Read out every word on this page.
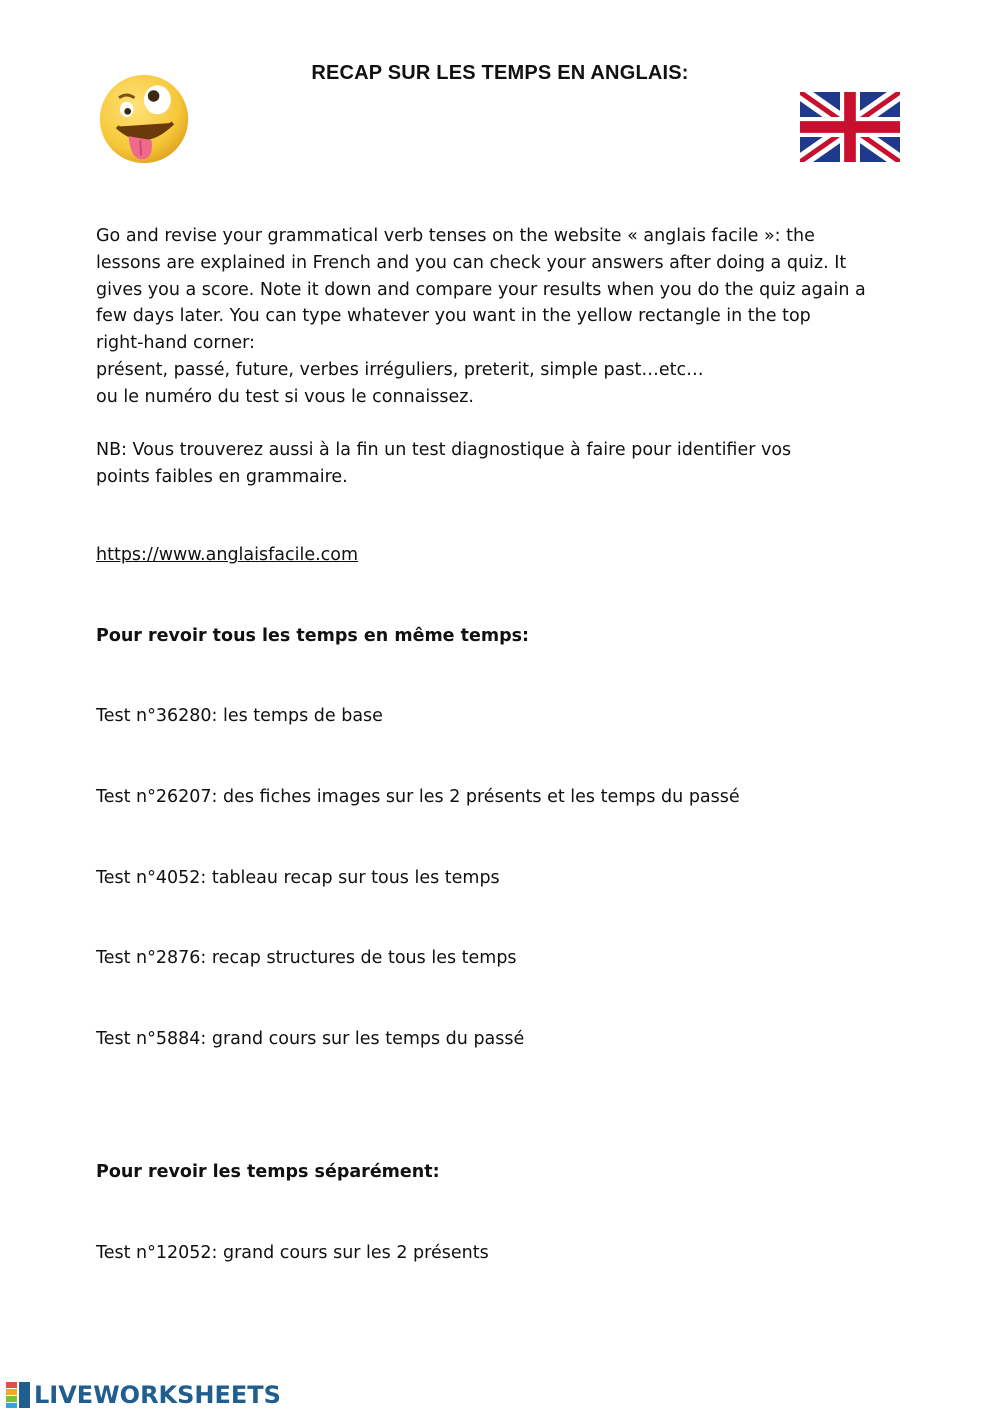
RECAP SUR LES TEMPS EN ANGLAIS:
Go and revise your grammatical verb tenses on the website « anglais facile »: the
lessons are explained in French and you can check your answers after doing a quiz. It
gives you a score. Note it down and compare your results when you do the quiz again a
few days later. You can type whatever you want in the yellow rectangle in the top
right-hand corner:
présent, passé, future, verbes irréguliers, preterit, simple past…etc…
ou le numéro du test si vous le connaissez.
NB: Vous trouverez aussi à la fin un test diagnostique à faire pour identifier vos
points faibles en grammaire.
https://www.anglaisfacile.com
Pour revoir tous les temps en même temps:
Test n°36280: les temps de base
Test n°26207: des fiches images sur les 2 présents et les temps du passé
Test n°4052: tableau recap sur tous les temps
Test n°2876: recap structures de tous les temps
Test n°5884: grand cours sur les temps du passé
Pour revoir les temps séparément:
Test n°12052: grand cours sur les 2 présents
LIVEWORKSHEETS
